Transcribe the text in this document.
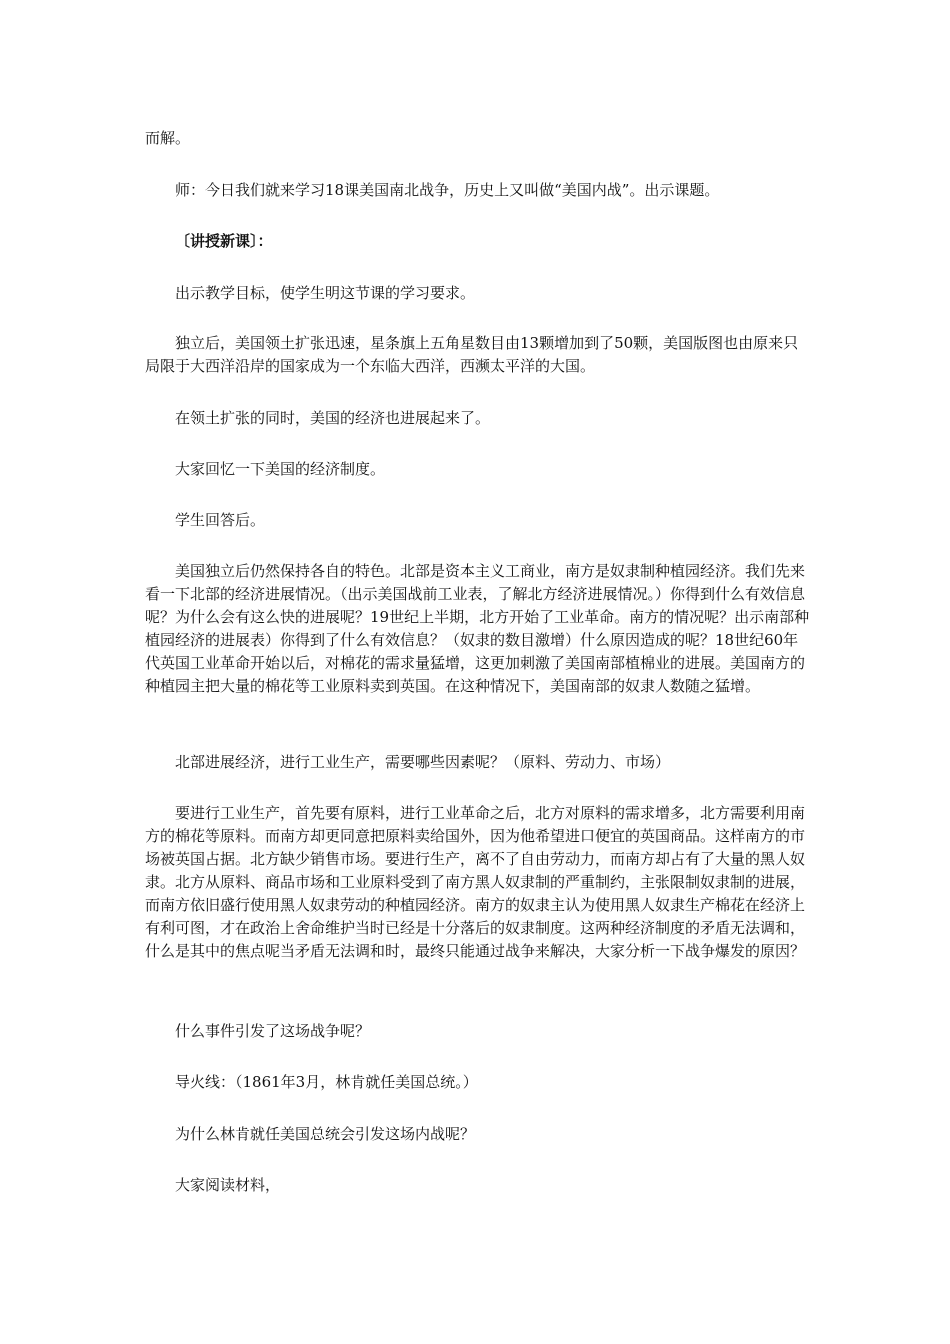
而解。

师：今日我们就来学习18课美国南北战争，历史上又叫做“美国内战”。出示课题。

〔讲授新课〕：

出示教学目标，使学生明这节课的学习要求。

独立后，美国领土扩张迅速，星条旗上五角星数目由13颗增加到了50颗，美国版图也由原来只局限于大西洋沿岸的国家成为一个东临大西洋，西濒太平洋的大国。

在领土扩张的同时，美国的经济也进展起来了。

大家回忆一下美国的经济制度。

学生回答后。

美国独立后仍然保持各自的特色。北部是资本主义工商业，南方是奴隶制种植园经济。我们先来看一下北部的经济进展情况。（出示美国战前工业表，了解北方经济进展情况。）你得到什么有效信息呢？为什么会有这么快的进展呢？19世纪上半期，北方开始了工业革命。南方的情况呢？出示南部种植园经济的进展表）你得到了什么有效信息？（奴隶的数目激增）什么原因造成的呢？18世纪60年代英国工业革命开始以后，对棉花的需求量猛增，这更加刺激了美国南部植棉业的进展。美国南方的种植园主把大量的棉花等工业原料卖到英国。在这种情况下，美国南部的奴隶人数随之猛增。

北部进展经济，进行工业生产，需要哪些因素呢？（原料、劳动力、市场）

要进行工业生产，首先要有原料，进行工业革命之后，北方对原料的需求增多，北方需要利用南方的棉花等原料。而南方却更同意把原料卖给国外，因为他希望进口便宜的英国商品。这样南方的市场被英国占据。北方缺少销售市场。要进行生产，离不了自由劳动力，而南方却占有了大量的黑人奴隶。北方从原料、商品市场和工业原料受到了南方黑人奴隶制的严重制约，主张限制奴隶制的进展，而南方依旧盛行使用黑人奴隶劳动的种植园经济。南方的奴隶主认为使用黑人奴隶生产棉花在经济上有利可图，才在政治上舍命维护当时已经是十分落后的奴隶制度。这两种经济制度的矛盾无法调和，什么是其中的焦点呢当矛盾无法调和时，最终只能通过战争来解决，大家分析一下战争爆发的原因？

什么事件引发了这场战争呢？

导火线：（1861年3月，林肯就任美国总统。）

为什么林肯就任美国总统会引发这场内战呢？

大家阅读材料，
